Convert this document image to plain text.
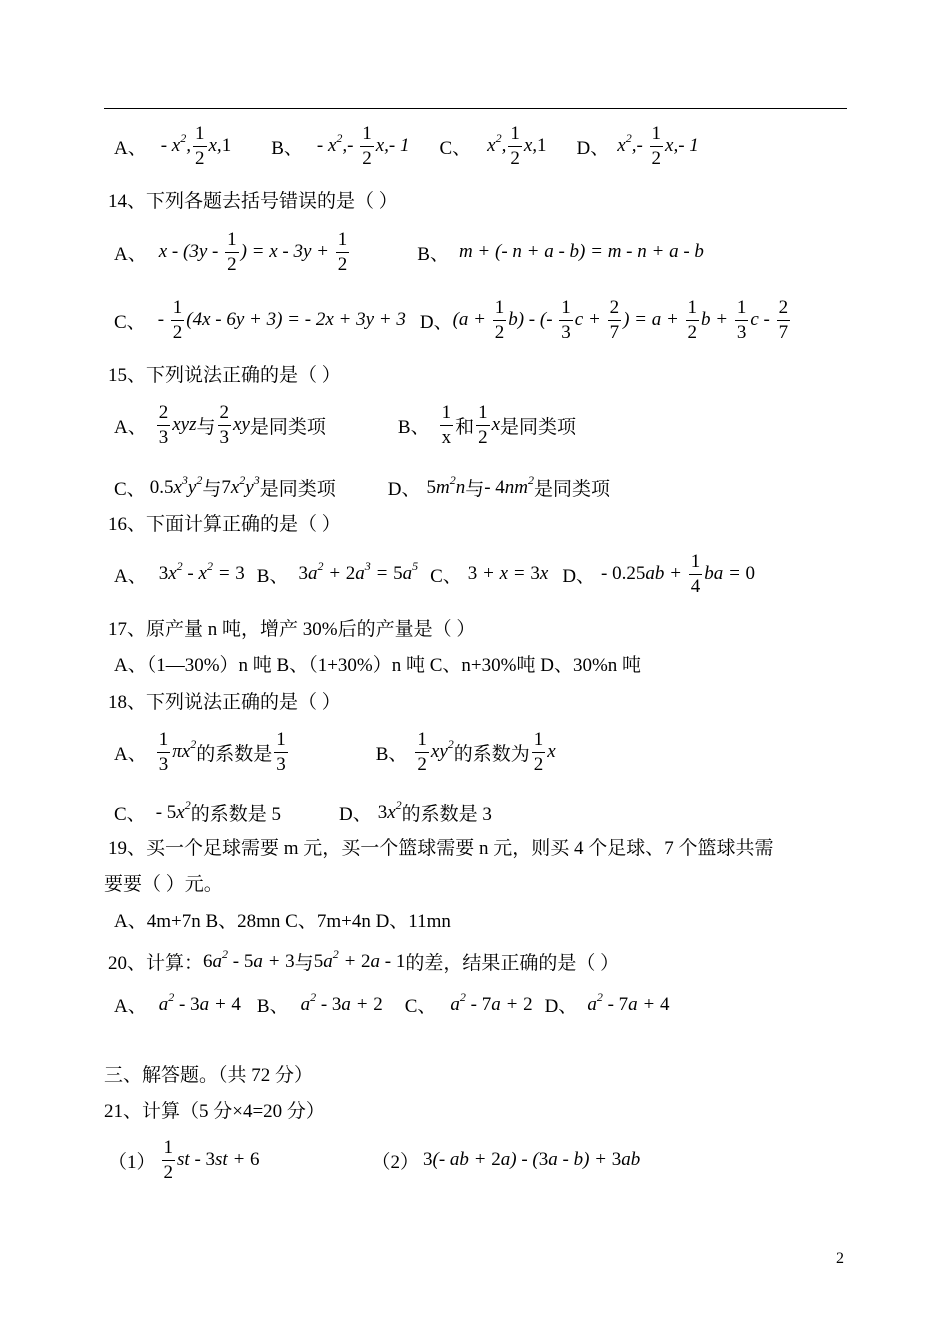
A、 - $x^2$, $\frac{1}{2} x,1$ B、 - $x^2,- \frac{1}{2} x,-$ 1 C、 $x^2$, $\frac{1}{2} x,1$ D、 $x^2,- \frac{1}{2} x,-$ 1
14、下列各题去括号错误的是（ ）
A、 x - ($3y - \frac{1}{2}$ ) = $x - 3y + \frac{1}{2}$	B、 m + (- n + a - b) = m - n + a - b
C、 - $\frac{1}{2} (4x - 6y + 3)$ = - 2x + 3y + 3 D、 $(a + \frac{1}{2} b)$ - (- $\frac{1}{3}$ $c + \frac{2}{7}$ ) = $a + \frac{1}{2}$ $b + \frac{1}{3}$ c - $\frac{2}{7}$
15、下列说法正确的是（ ）
A、 $\frac{2}{3}$ xyz 与 $\frac{2}{3}$ xy 是同类项	B、 $\frac{1}{x}$ 和 $\frac{1}{2}$ x 是同类项
C、 $0.5x^3y^2$ 与 $7x^2y^3$ 是同类项	D、 $5m^2n$ 与 - $4nm^2$ 是同类项
16、下面计算正确的是（ ）
A、 $3x^2 - x^2 = 3$ B、 $3a^2 + 2a^3 = 5a^5$ C、 3 + x = 3x D、 - $0.25ab + \frac{1}{4}$ ba = 0
17、原产量 n 吨，增产 30%后的产量是（ ）
A、（1—30%）n 吨 B、（1+30%）n 吨 C、n+30%吨 D、30%n 吨
18、下列说法正确的是（ ）
A、 $\frac{1}{3} \pi x^2$
的系数是 $\frac{1}{3}$	B、 $\frac{1}{2} xy^2$
的系数为 $\frac{1}{2}$ x
C、 - $5x^2$ 的系数是 5	D、 $3x^2$ 的系数是 3
19、买一个足球需要 m 元，买一个篮球需要 n 元，则买 4 个足球、7 个篮球共需
要要（ ）元。
A、4m+7n B、28mn C、7m+4n D、11mn
20、计算： $6a^2 - 5a + 3$ 与 $5a^2 + 2a - 1$ 的差，结果正确的是（ ）
A、 $a^2 - 3a + 4$ B、 $a^2 - 3a + 2$ C、 $a^2 - 7a + 2$ D、 $a^2 - 7a + 4$
三、解答题。（共 72 分）
21、计算（5 分×4=20 分）
$(1) \frac{1}{2}$ st - 3st + 6	（2） 3(- ab + 2a) - (3a - b) + 3ab
2
